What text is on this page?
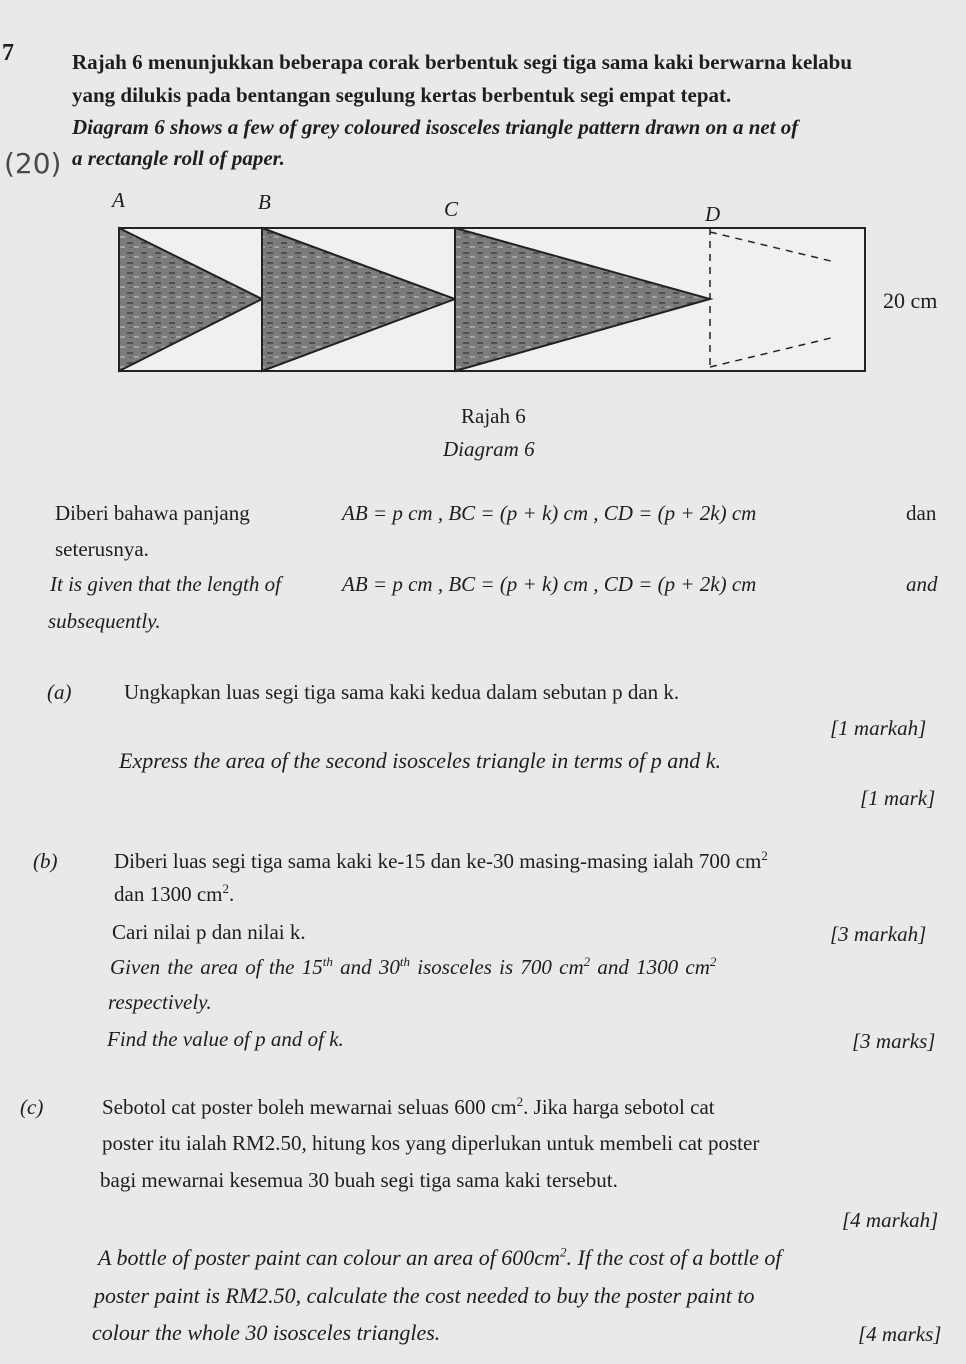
7
(20)
Rajah 6 menunjukkan beberapa corak berbentuk segi tiga sama kaki berwarna kelabu
yang dilukis pada bentangan segulung kertas berbentuk segi empat tepat.
Diagram 6 shows a few of grey coloured isosceles triangle pattern drawn on a net of
a rectangle roll of paper.
A	B	C	D
20 cm
Rajah 6
Diagram 6
Diberi bahawa panjang	AB = p cm , BC = (p + k) cm , CD = (p + 2k) cm	dan
seterusnya.
It is given that the length of	AB = p cm , BC = (p + k) cm , CD = (p + 2k) cm	and
subsequently.
(a)	Ungkapkan luas segi tiga sama kaki kedua dalam sebutan p dan k.
[1 markah]
Express the area of the second isosceles triangle in terms of p and k.
[1 mark]
(b)	Diberi luas segi tiga sama kaki ke-15 dan ke-30 masing-masing ialah 700 $cm^2$
dan 1300 $cm^2$.
Cari nilai p dan nilai k.	[3 markah]
Given the area of the 15th and 30th isosceles is 700 $cm^2$ and 1300 $cm^2$
respectively.
Find the value of p and of k.	[3 marks]
(c)	Sebotol cat poster boleh mewarnai seluas 600 $cm^2$. Jika harga sebotol cat
poster itu ialah RM2.50, hitung kos yang diperlukan untuk membeli cat poster
bagi mewarnai kesemua 30 buah segi tiga sama kaki tersebut.
[4 markah]
A bottle of poster paint can colour an area of $600cm^2$. If the cost of a bottle of
poster paint is RM2.50, calculate the cost needed to buy the poster paint to
colour the whole 30 isosceles triangles.	[4 marks]
